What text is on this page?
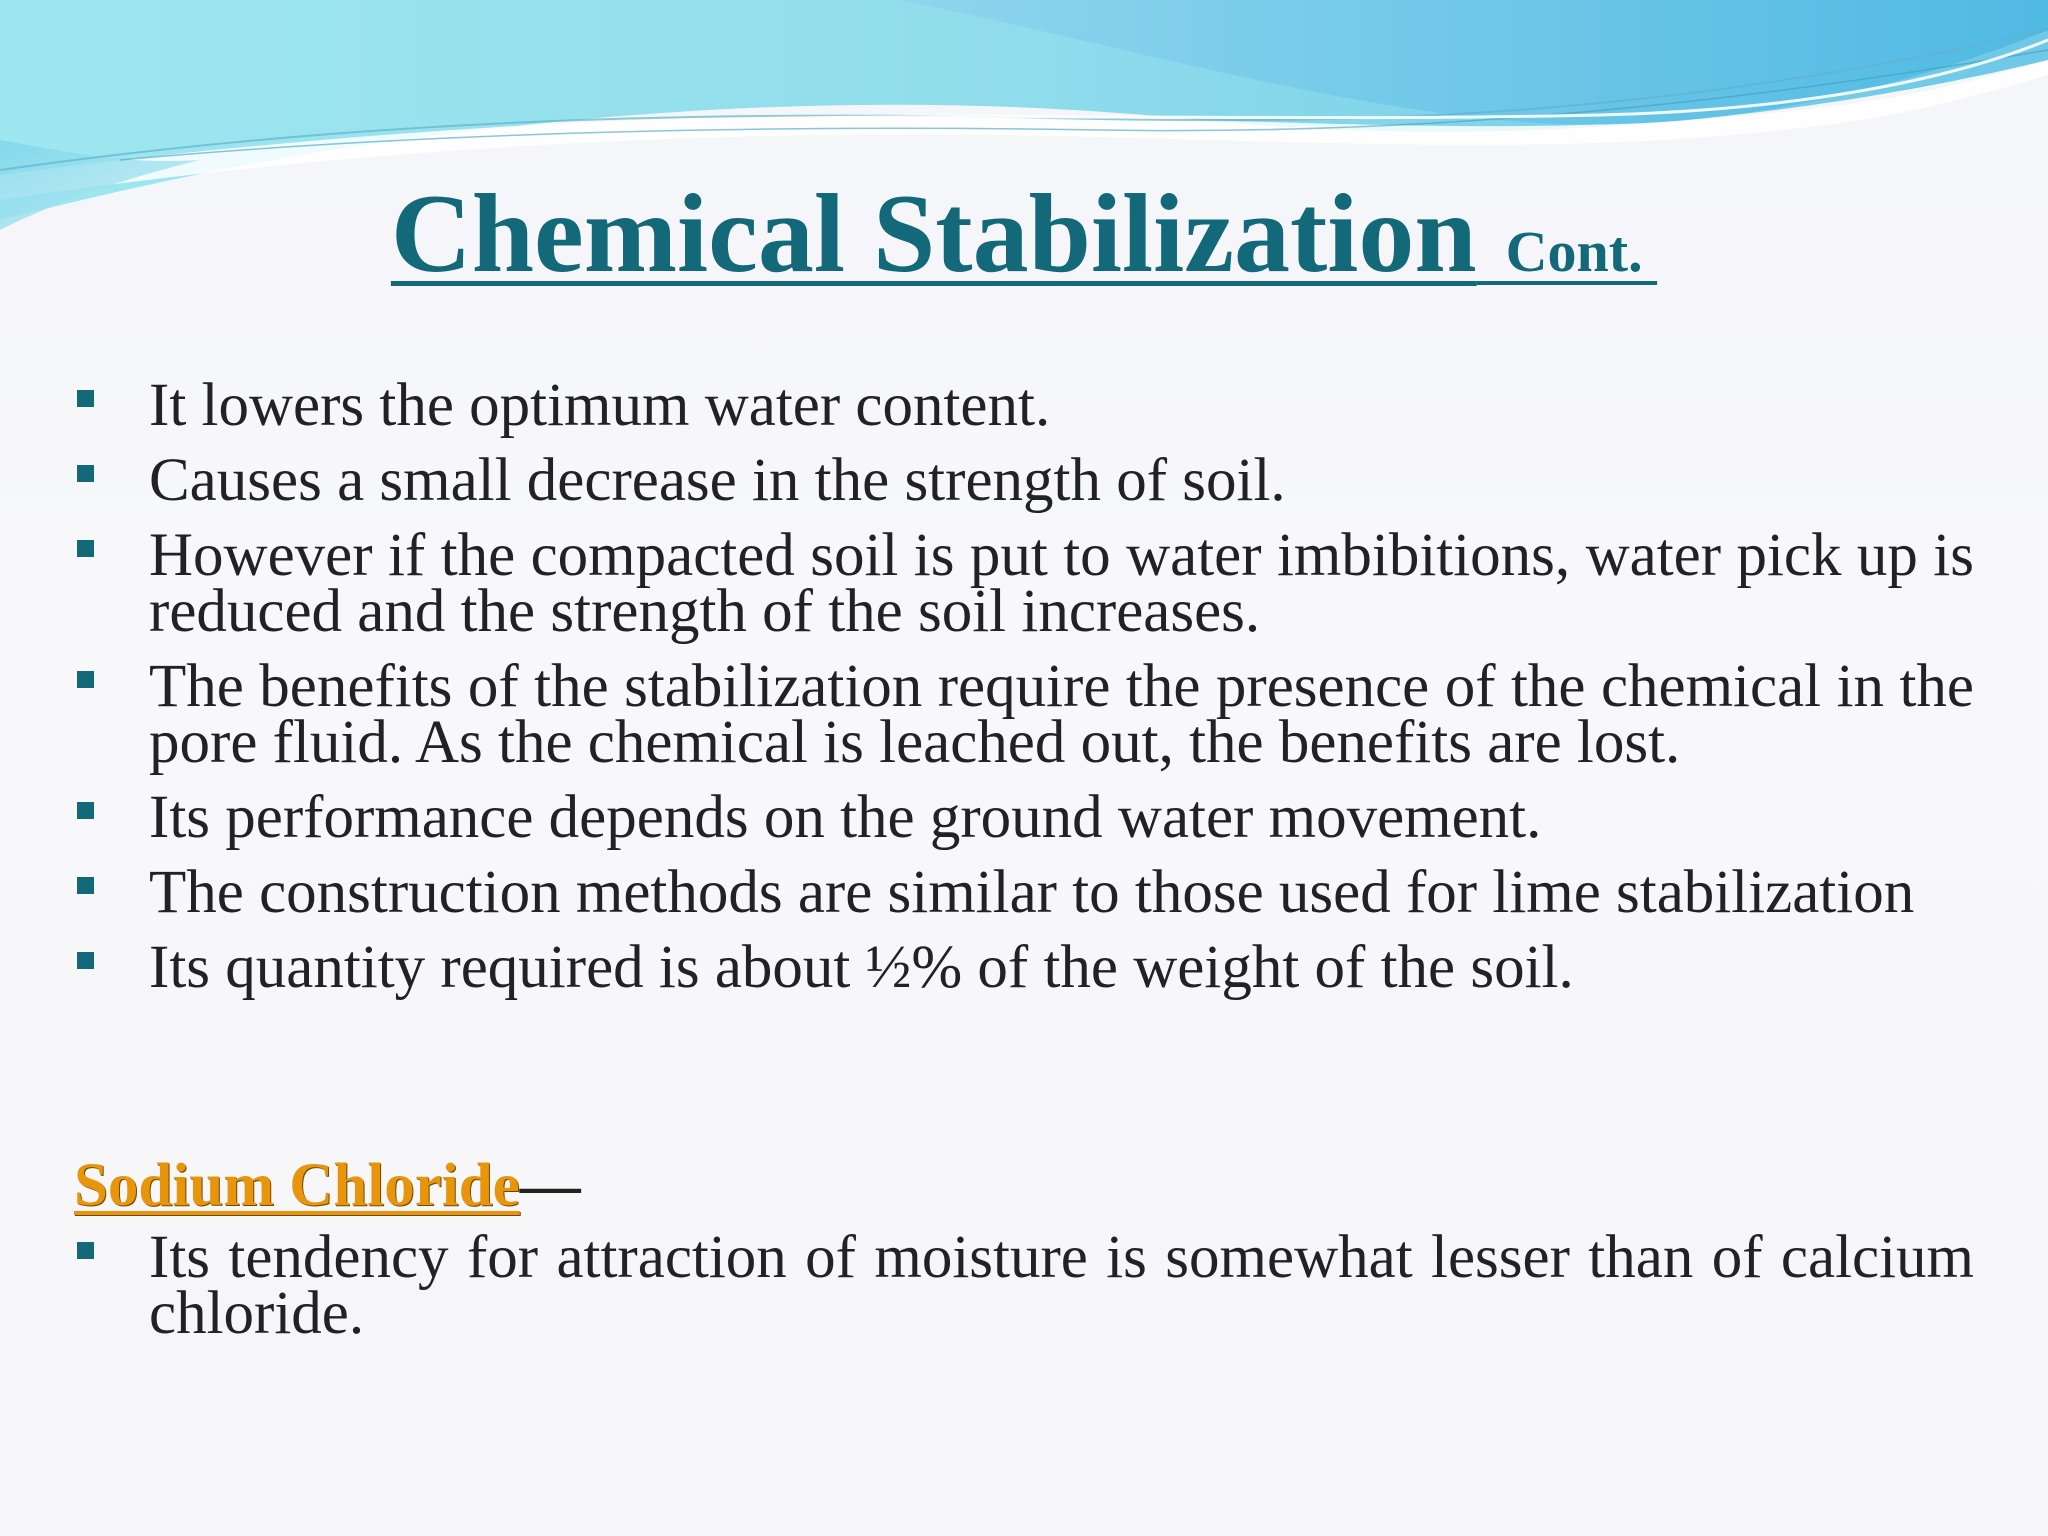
Chemical Stabilization  Cont.
It lowers the optimum water content.
Causes a small decrease in the strength of soil.
However if the compacted soil is put to water imbibitions, water pick up is reduced and the strength of the soil increases.
The benefits of the stabilization require the presence of the chemical in the pore fluid. As the chemical is leached out, the benefits are lost.
Its performance depends on the ground water movement.
The construction methods are similar to those used for lime stabilization
Its quantity required is about ½% of the weight of the soil.
Sodium Chloride—
Its tendency for attraction of moisture is somewhat lesser than of calcium chloride.
